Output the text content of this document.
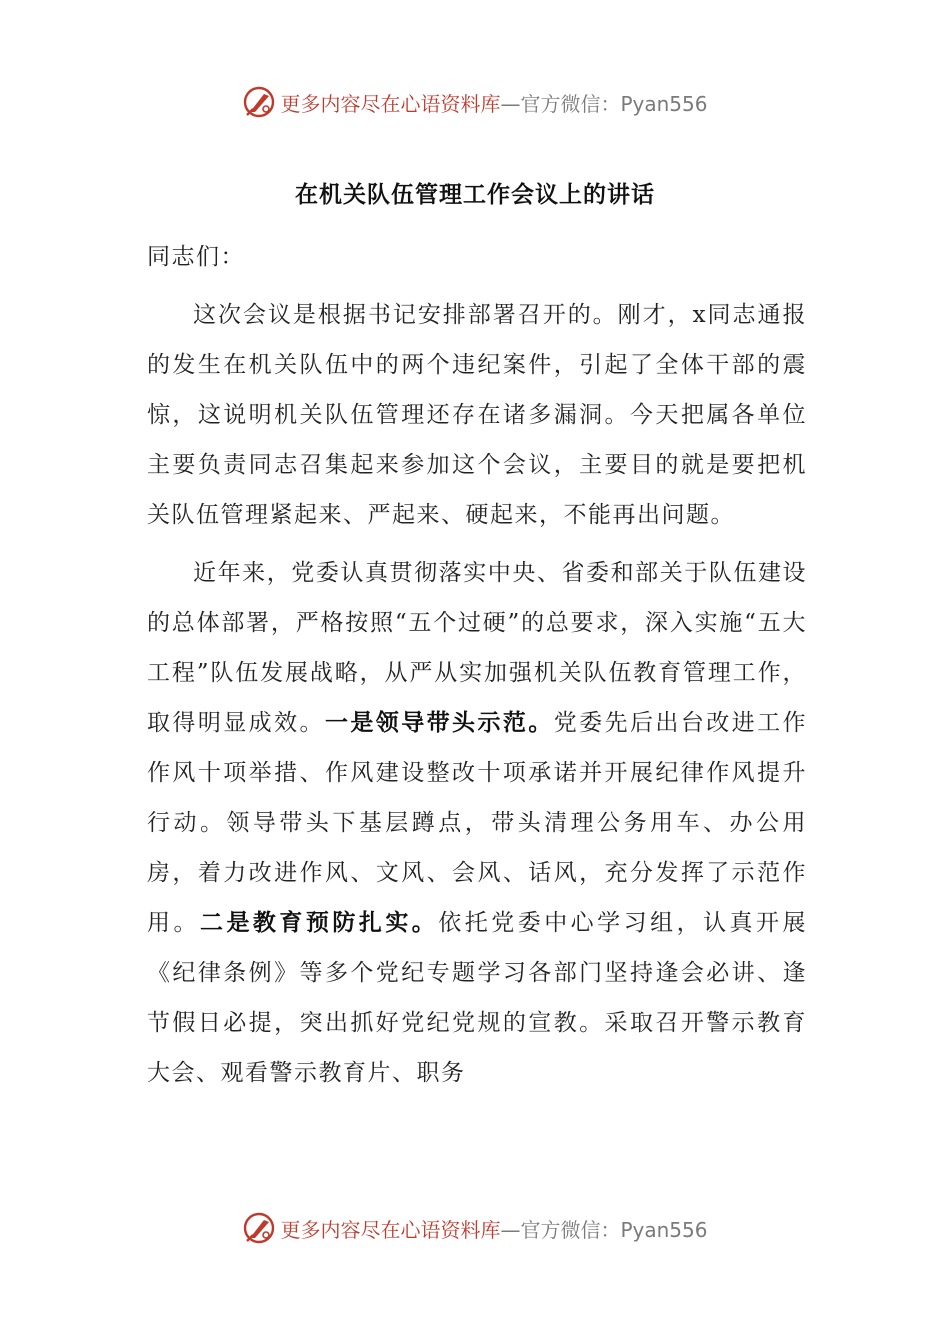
更多内容尽在心语资料库 —官方微信：Pyan556
在机关队伍管理工作会议上的讲话

同志们：

这次会议是根据书记安排部署召开的。刚才，x同志通报的发生在机关队伍中的两个违纪案件，引起了全体干部的震惊，这说明机关队伍管理还存在诸多漏洞。今天把属各单位主要负责同志召集起来参加这个会议，主要目的就是要把机关队伍管理紧起来、严起来、硬起来，不能再出问题。

近年来，党委认真贯彻落实中央、省委和部关于队伍建设的总体部署，严格按照“五个过硬”的总要求，深入实施“五大工程”队伍发展战略，从严从实加强机关队伍教育管理工作，取得明显成效。一是领导带头示范。党委先后出台改进工作作风十项举措、作风建设整改十项承诺并开展纪律作风提升行动。领导带头下基层蹲点，带头清理公务用车、办公用房，着力改进作风、文风、会风、话风，充分发挥了示范作用。二是教育预防扎实。依托党委中心学习组，认真开展《纪律条例》等多个党纪专题学习各部门坚持逢会必讲、逢节假日必提，突出抓好党纪党规的宣教。采取召开警示教育大会、观看警示教育片、职务

更多内容尽在心语资料库 —官方微信：Pyan556
